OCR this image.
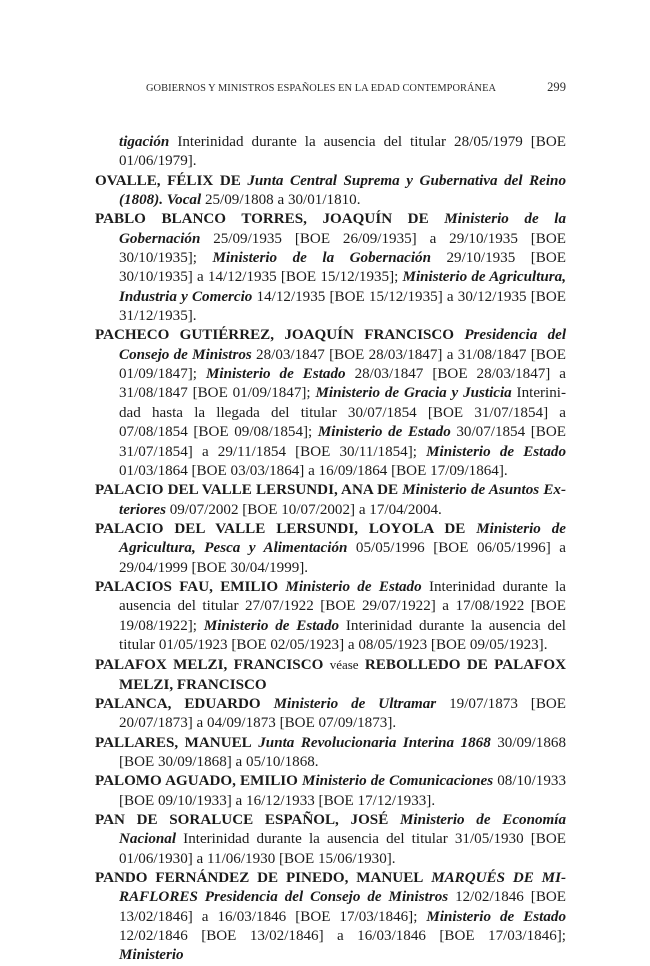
GOBIERNOS Y MINISTROS ESPAÑOLES EN LA EDAD CONTEMPORÁNEA	299

tigación Interinidad durante la ausencia del titular 28/05/1979 [BOE 01/06/1979].

OVALLE, FÉLIX DE Junta Central Suprema y Gubernativa del Reino (1808). Vocal 25/09/1808 a 30/01/1810.

PABLO BLANCO TORRES, JOAQUÍN DE Ministerio de la Gobernación 25/09/1935 [BOE 26/09/1935] a 29/10/1935 [BOE 30/10/1935]; Ministerio de la Gobernación 29/10/1935 [BOE 30/10/1935] a 14/12/1935 [BOE 15/12/1935]; Ministerio de Agricultura, Industria y Comercio 14/12/1935 [BOE 15/12/1935] a 30/12/1935 [BOE 31/12/1935].

PACHECO GUTIÉRREZ, JOAQUÍN FRANCISCO Presidencia del Consejo de Ministros 28/03/1847 [BOE 28/03/1847] a 31/08/1847 [BOE 01/09/1847]; Ministerio de Estado 28/03/1847 [BOE 28/03/1847] a 31/08/1847 [BOE 01/09/1847]; Ministerio de Gracia y Justicia Interinidad hasta la llegada del titular 30/07/1854 [BOE 31/07/1854] a 07/08/1854 [BOE 09/08/1854]; Ministerio de Estado 30/07/1854 [BOE 31/07/1854] a 29/11/1854 [BOE 30/11/1854]; Ministerio de Estado 01/03/1864 [BOE 03/03/1864] a 16/09/1864 [BOE 17/09/1864].

PALACIO DEL VALLE LERSUNDI, ANA DE Ministerio de Asuntos Exteriores 09/07/2002 [BOE 10/07/2002] a 17/04/2004.

PALACIO DEL VALLE LERSUNDI, LOYOLA DE Ministerio de Agricultura, Pesca y Alimentación 05/05/1996 [BOE 06/05/1996] a 29/04/1999 [BOE 30/04/1999].

PALACIOS FAU, EMILIO Ministerio de Estado Interinidad durante la ausencia del titular 27/07/1922 [BOE 29/07/1922] a 17/08/1922 [BOE 19/08/1922]; Ministerio de Estado Interinidad durante la ausencia del titular 01/05/1923 [BOE 02/05/1923] a 08/05/1923 [BOE 09/05/1923].

PALAFOX MELZI, FRANCISCO véase REBOLLEDO DE PALAFOX MELZI, FRANCISCO

PALANCA, EDUARDO Ministerio de Ultramar 19/07/1873 [BOE 20/07/1873] a 04/09/1873 [BOE 07/09/1873].

PALLARES, MANUEL Junta Revolucionaria Interina 1868 30/09/1868 [BOE 30/09/1868] a 05/10/1868.

PALOMO AGUADO, EMILIO Ministerio de Comunicaciones 08/10/1933 [BOE 09/10/1933] a 16/12/1933 [BOE 17/12/1933].

PAN DE SORALUCE ESPAÑOL, JOSÉ Ministerio de Economía Nacional Interinidad durante la ausencia del titular 31/05/1930 [BOE 01/06/1930] a 11/06/1930 [BOE 15/06/1930].

PANDO FERNÁNDEZ DE PINEDO, MANUEL MARQUÉS DE MIRAFLORES Presidencia del Consejo de Ministros 12/02/1846 [BOE 13/02/1846] a 16/03/1846 [BOE 17/03/1846]; Ministerio de Estado 12/02/1846 [BOE 13/02/1846] a 16/03/1846 [BOE 17/03/1846]; Ministerio
